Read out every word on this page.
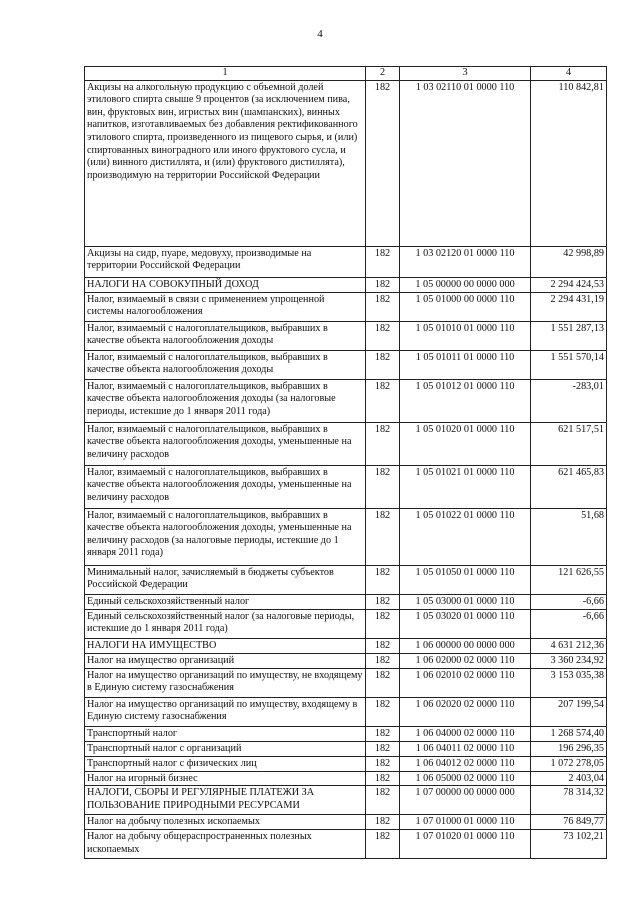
4
1	2	3	4
Акцизы на алкогольную продукцию с объемной долей этилового спирта свыше 9 процентов (за исключением пива, вин, фруктовых вин, игристых вин (шампанских), винных напитков, изготавливаемых без добавления ректификованного этилового спирта, произведенного из пищевого сырья, и (или) спиртованных виноградного или иного фруктового сусла, и (или) винного дистиллята, и (или) фруктового дистиллята), производимую на территории Российской Федерации	182	1 03 02110 01 0000 110	110 842,81
Акцизы на сидр, пуаре, медовуху, производимые на территории Российской Федерации	182	1 03 02120 01 0000 110	42 998,89
НАЛОГИ НА СОВОКУПНЫЙ ДОХОД	182	1 05 00000 00 0000 000	2 294 424,53
Налог, взимаемый в связи с применением упрощенной системы налогообложения	182	1 05 01000 00 0000 110	2 294 431,19
Налог, взимаемый с налогоплательщиков, выбравших в качестве объекта налогообложения доходы	182	1 05 01010 01 0000 110	1 551 287,13
Налог, взимаемый с налогоплательщиков, выбравших в качестве объекта налогообложения доходы	182	1 05 01011 01 0000 110	1 551 570,14
Налог, взимаемый с налогоплательщиков, выбравших в качестве объекта налогообложения доходы (за налоговые периоды, истекшие до 1 января 2011 года)	182	1 05 01012 01 0000 110	-283,01
Налог, взимаемый с налогоплательщиков, выбравших в качестве объекта налогообложения доходы, уменьшенные на величину расходов	182	1 05 01020 01 0000 110	621 517,51
Налог, взимаемый с налогоплательщиков, выбравших в качестве объекта налогообложения доходы, уменьшенные на величину расходов	182	1 05 01021 01 0000 110	621 465,83
Налог, взимаемый с налогоплательщиков, выбравших в качестве объекта налогообложения доходы, уменьшенные на величину расходов (за налоговые периоды, истекшие до 1 января 2011 года)	182	1 05 01022 01 0000 110	51,68
Минимальный налог, зачисляемый в бюджеты субъектов Российской Федерации	182	1 05 01050 01 0000 110	121 626,55
Единый сельскохозяйственный налог	182	1 05 03000 01 0000 110	-6,66
Единый сельскохозяйственный налог (за налоговые периоды, истекшие до 1 января 2011 года)	182	1 05 03020 01 0000 110	-6,66
НАЛОГИ НА ИМУЩЕСТВО	182	1 06 00000 00 0000 000	4 631 212,36
Налог на имущество организаций	182	1 06 02000 02 0000 110	3 360 234,92
Налог на имущество организаций по имуществу, не входящему в Единую систему газоснабжения	182	1 06 02010 02 0000 110	3 153 035,38
Налог на имущество организаций по имуществу, входящему в Единую систему газоснабжения	182	1 06 02020 02 0000 110	207 199,54
Транспортный налог	182	1 06 04000 02 0000 110	1 268 574,40
Транспортный налог с организаций	182	1 06 04011 02 0000 110	196 296,35
Транспортный налог с физических лиц	182	1 06 04012 02 0000 110	1 072 278,05
Налог на игорный бизнес	182	1 06 05000 02 0000 110	2 403,04
НАЛОГИ, СБОРЫ И РЕГУЛЯРНЫЕ ПЛАТЕЖИ ЗА ПОЛЬЗОВАНИЕ ПРИРОДНЫМИ РЕСУРСАМИ	182	1 07 00000 00 0000 000	78 314,32
Налог на добычу полезных ископаемых	182	1 07 01000 01 0000 110	76 849,77
Налог на добычу общераспространенных полезных ископаемых	182	1 07 01020 01 0000 110	73 102,21
